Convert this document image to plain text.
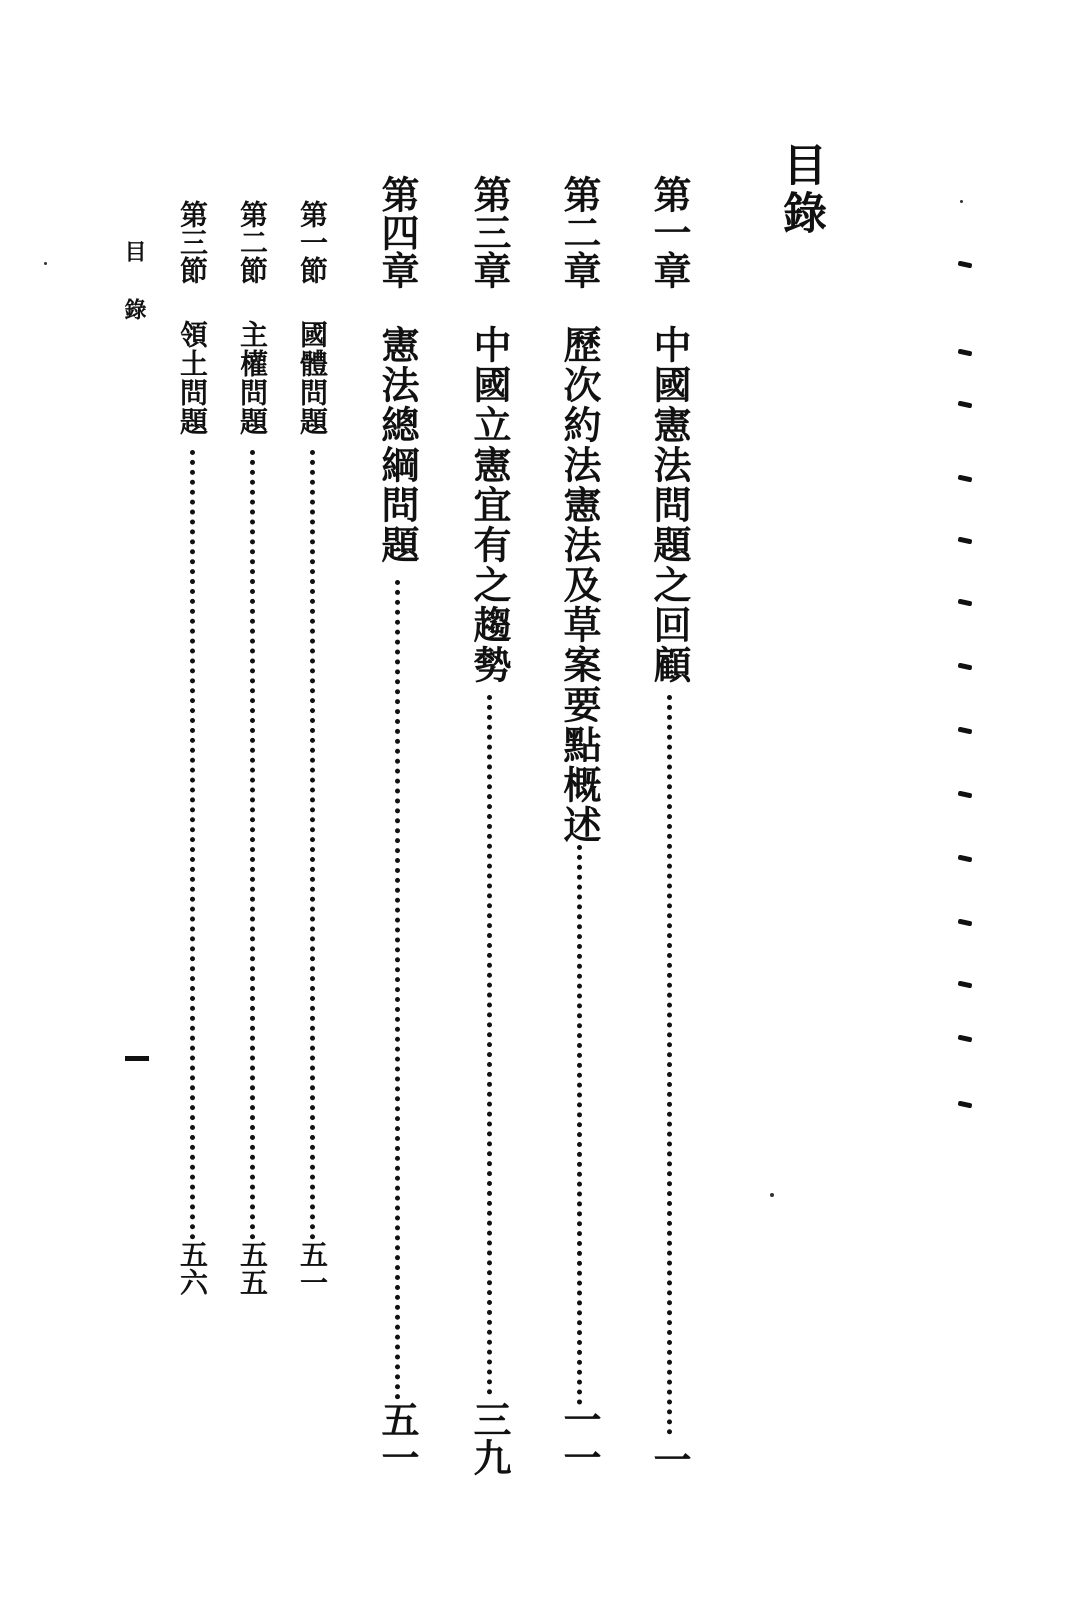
目錄
第一章
中國憲法問題之回顧
一
第二章
歷次約法憲法及草案要點概述
一一
第三章
中國立憲宜有之趨勢
三九
第四章
憲法總綱問題
五一
第一節
國體問題
五一
第二節
主權問題
五五
第三節
領土問題
五六
目錄
